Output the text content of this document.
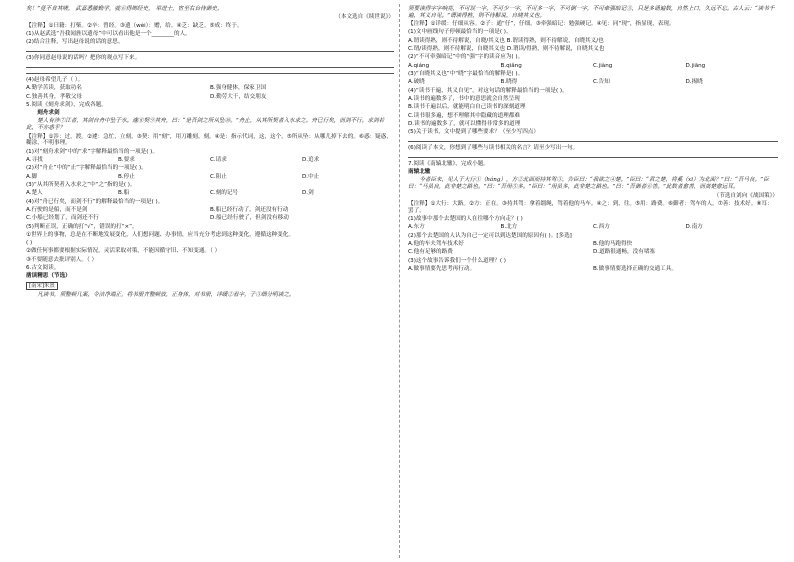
矣！”竟不食其嗟， 武嘉悉激勤学，就⑥得埘经史， 举进士，宦至右台侍御史。
（本文选自《续世说》）
【注释】①曰籍：打柴。②卒：曾经。③遗（wèi）：赠，给。④乏：缺乏。⑤成：终于。
(1)从赵武选“吾我闻旌以遗母”中可以看出他是一个________的人。
(2)结合注释，写出赵母说的话的意思。
(3)你同意赵母说的话吗？把你的观点写下来。
(4)赵母希望儿子（ ）。
A.勤学苦读，获取功名	B.强身健体，保家卫国
C.独善其身，孝敬父母	D.勤劳大干，结交朋友
5.阅读《刻舟求剑》，完成各题。
刻舟求剑
楚人有涉⑦江者，其剑自舟中坠于水。遽⑧契⑨其舟，曰：“是吾剑之所从坠⑩。”舟止，从其所契者入水求之。舟已行矣，而剑不行。求剑若此，不亦惑乎？
【注释】①涉：过，渡。②遽：急忙，立刻。③契：用“刻”，用刀雕刻。刻。④是：指示代词，这，这个。⑤所从坠：从哪儿掉下去的。⑥惑：疑惑，糊涂，不明事理。
(1)对“刻舟求剑”中的“求”字解释最恰当的一项是( )。
A.寻找	B.要求	C.请求	D.追求
(2)对“舟止”中的“止”字解释最恰当的一项是( )。
A.脚	B.停止	C.阻止	D.中止
(3)“从其所契者入水求之”中“之”指的是( )。
A.楚人	B.船	C.刻的记号	D.剑
(4)对“舟已行矣，而剑不行”的解释最恰当的一项是( )。
A.行驶的是船，而不是剑	B.船已经行动了，剑还没有行动
C.小船已经划了，而剑还不行	D.船已经行驶了，但剑没有移动
(5)判断正误，正确的打“√”，错误的打“×”。
①世界上的事物，总是在不断地发展变化，人们想问题、办事情，应当充分考虑到这种变化，遵循这种变化。
( )
②做任何事都要根据实际情况，灵活采取对策，不能因循守旧、不知变通。（ ）
③不要随意去批评别人。（ ）
6.古文阅读。
凿读精思（节选）
[南宋]朱熹
凡读书，须整顿几案，令洁净端正，将书册齐整顿放，正身体，对书册，详缓②看字，子③细分明读之。
须要读得字字响亮，不可误一字，不可少一字，不可多一字，不可倒一字，不可牵强暗记③，只是多诵遍数，自然上口，久远不忘。古人云：“读书千遍，其义自见。”谓读得熟，则不待解说，自晓其义也。
【注释】①详缓：仔细从容。②子：通“仔”，仔细。③牵强暗记：勉强硬记。④见：同“现”，指显现，表现。
(1)文中画线句子停顿最恰当的一项是( )。
A.谓读得熟，则不待解说，自晓/其义也 B.谓读得熟，则不待解说，自晓其义/也
C.谓/读得熟，则不待解说，自晓其义也 D.谓读/得熟，则不待解说，自晓其义也
(2)“不可牵强暗记”中的“强”字的读音应为( )。
A.qiáng	B.qiǎng	C.jiàng	D.jiāng
(3)“自晓其义也”中“晓”字最恰当的解释是( )。
A.破晓	B.晓得	C.告知	D.揭晓
(4)“读书千遍，其义自见”，对这句话的解释最恰当的一项是( )。
A.读书的遍数多了，书中的意思就会自然呈现
B.读书千遍以后，就能明白自己读书的深刻道理
C.读书很多遍，想不理解其中隐藏的道理都难
D.读书的遍数多了，就可以懂得非常多的道理
(5)关于读书，文中提到了哪些要求？（至少写四点）
(6)阅读了本文，你想到了哪些与读书相关的名言？请至少写出一句。
7.阅读《南辕北辙》，完成小题。
南辕北辙
今者臣来，见人于大行①（háng），方②北面而持其驾③，告臣曰：“我欲之④楚。”臣曰：“君之楚，将奚（xī）为北面？”曰：“吾马良。”臣曰：“马虽良，此非楚之路也。”曰：“吾用⑤多。”臣曰：“用虽多，此非楚之路也。”曰：“吾御者⑥善。”此数者愈善，而离楚愈远耳。
（节选自刘向《战国策》）
【注释】①大行：大路。②方：正在。③持其驾：拿着缰绳，驾着他的马车。④之：到，往。⑤用：路费。⑥御者：驾车的人。⑦善：技术好。⑧耳：罢了。
(1)故事中那个去楚国的人在往哪个方向走？( )
A.东方	B.北方	C.西方	D.南方
(2)那个去楚国的人认为自己一定可以到达楚国的原因有( )。[多选]
A.他的车夫驾车技术好	B.他的马跑得快
C.他有足够的路费	D.道路很通畅，没有堵塞
(3)这个故事告诉我们一个什么道理？( )
A.做事情要先思考再行动。	B.做事情要选择正确的交通工具。
